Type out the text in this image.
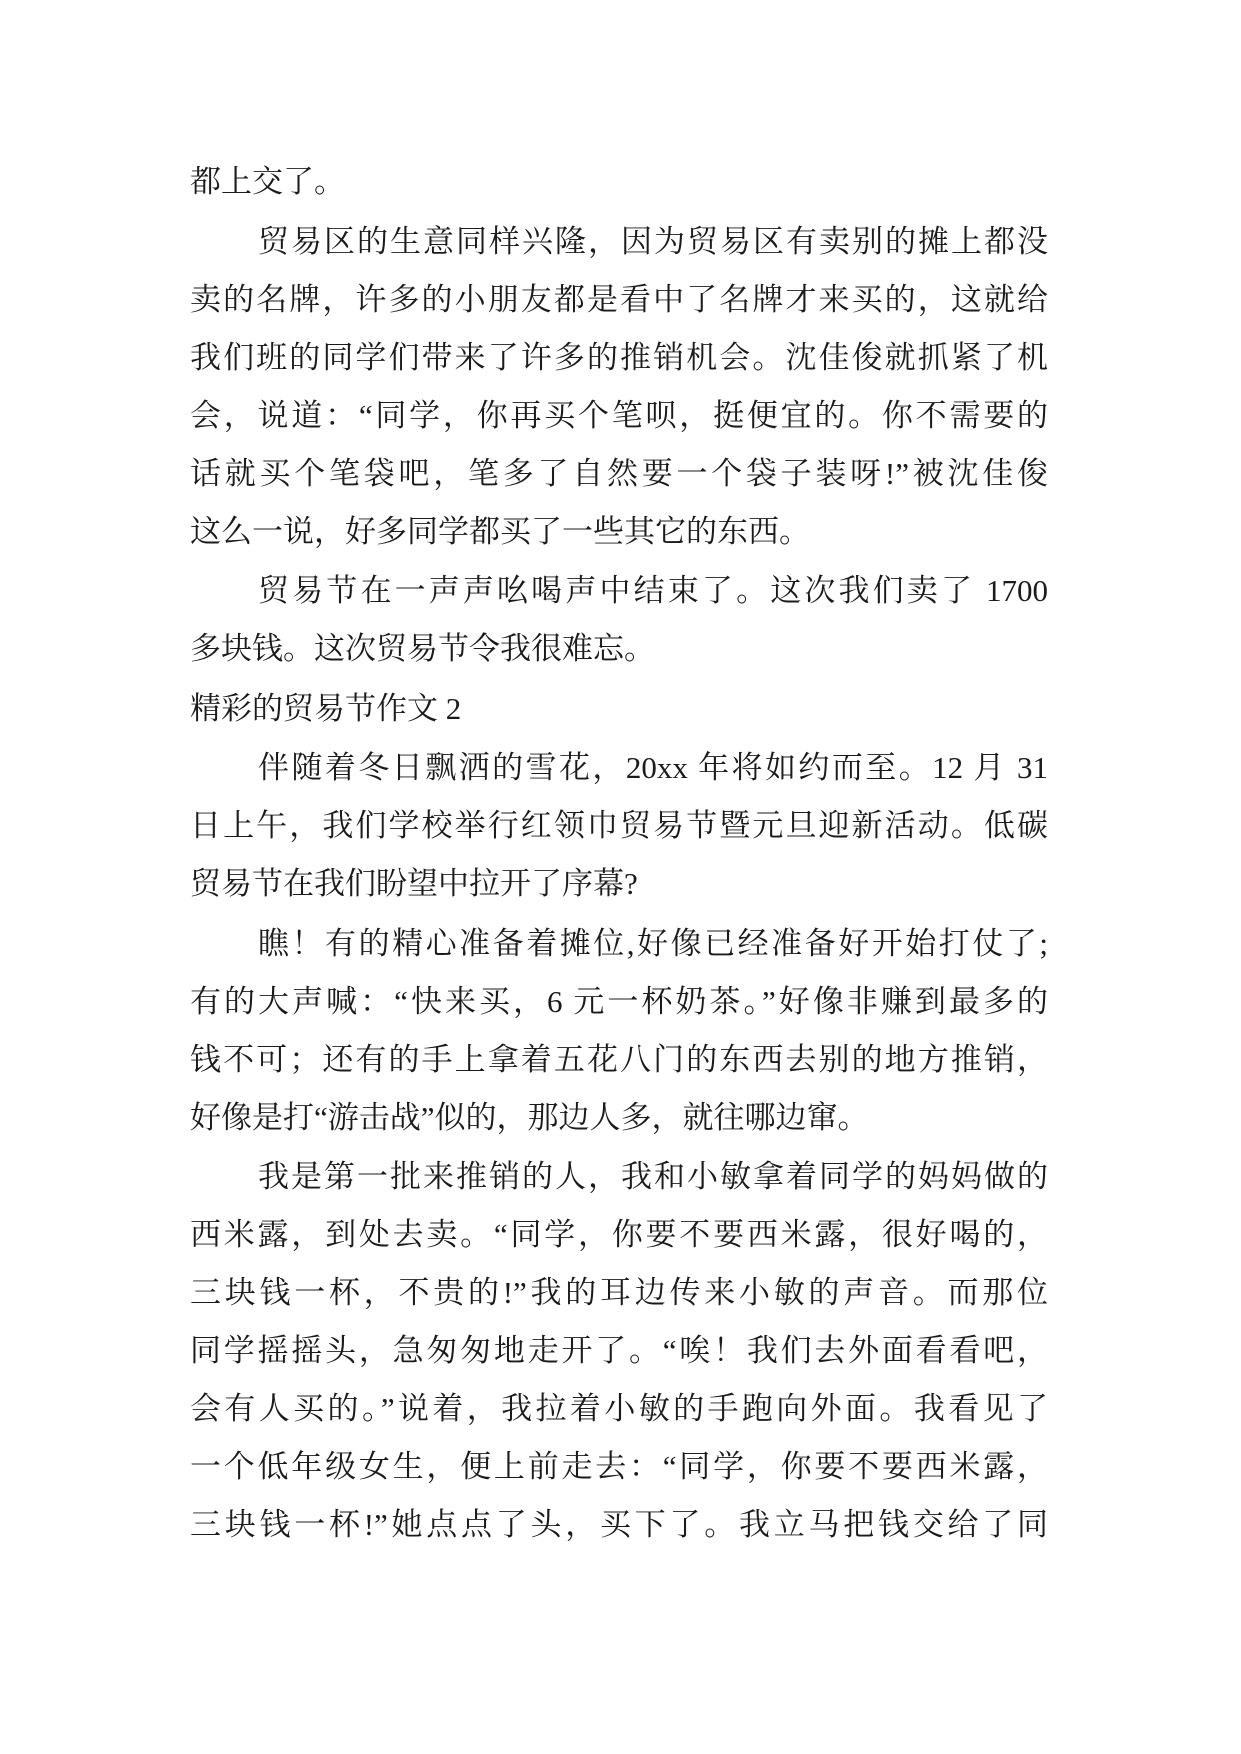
都上交了。
贸易区的生意同样兴隆，因为贸易区有卖别的摊上都没
卖的名牌，许多的小朋友都是看中了名牌才来买的，这就给
我们班的同学们带来了许多的推销机会。沈佳俊就抓紧了机
会，说道：“同学，你再买个笔呗，挺便宜的。你不需要的
话就买个笔袋吧，笔多了自然要一个袋子装呀!”被沈佳俊
这么一说，好多同学都买了一些其它的东西。
贸易节在一声声吆喝声中结束了。这次我们卖了 1700
多块钱。这次贸易节令我很难忘。
精彩的贸易节作文 2
伴随着冬日飘洒的雪花，20xx 年将如约而至。12 月 31
日上午，我们学校举行红领巾贸易节暨元旦迎新活动。低碳
贸易节在我们盼望中拉开了序幕?
瞧！有的精心准备着摊位,好像已经准备好开始打仗了;
有的大声喊：“快来买，6 元一杯奶茶。”好像非赚到最多的
钱不可；还有的手上拿着五花八门的东西去别的地方推销，
好像是打“游击战”似的，那边人多，就往哪边窜。
我是第一批来推销的人，我和小敏拿着同学的妈妈做的
西米露，到处去卖。“同学，你要不要西米露，很好喝的，
三块钱一杯，不贵的!”我的耳边传来小敏的声音。而那位
同学摇摇头，急匆匆地走开了。“唉！我们去外面看看吧，
会有人买的。”说着，我拉着小敏的手跑向外面。我看见了
一个低年级女生，便上前走去：“同学，你要不要西米露，
三块钱一杯!”她点点了头，买下了。我立马把钱交给了同
